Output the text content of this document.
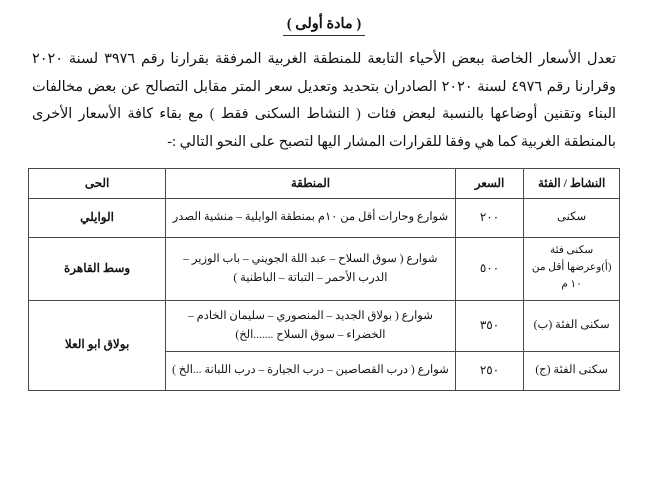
( مادة أولى )

تعدل الأسعار الخاصة ببعض الأحياء التابعة للمنطقة الغربية المرفقة بقرارنا رقم ٣٩٧٦ لسنة ٢٠٢٠ وقرارنا رقم ٤٩٧٦ لسنة ٢٠٢٠ الصادران بتحديد وتعديل سعر المتر مقابل التصالح عن بعض مخالفات البناء وتقنين أوضاعها بالنسبة لبعض فئات ( النشاط السكنى فقط ) مع بقاء كافة الأسعار الأخرى بالمنطقة الغربية كما هي وفقا للقرارات المشار اليها لتصبح على النحو التالي :-

النشاط / الفئة	السعر	المنطقة	الحى
سكنى	٢٠٠	شوارع وحارات أقل من ١٠م بمنطقة الوايلية – منشية الصدر	الوايلي
سكنى فئة (أ)وعرضها أقل من ١٠ م	٥٠٠	شوارع ( سوق السلاح – عبد اللة الجويني – باب الوزير – الدرب الأحمر – التباتة – الباطنية )	وسط القاهرة
سكنى الفئة (ب)	٣٥٠	شوارع ( بولاق الجديد – المنصوري – سليمان الخادم – الخضراء – سوق السلاح .......الخ)	بولاق ابو العلا
سكنى الفئة (ج)	٢٥٠	شوارع ( درب القصاصين – درب الجيارة – درب اللبانة ...الخ )	
